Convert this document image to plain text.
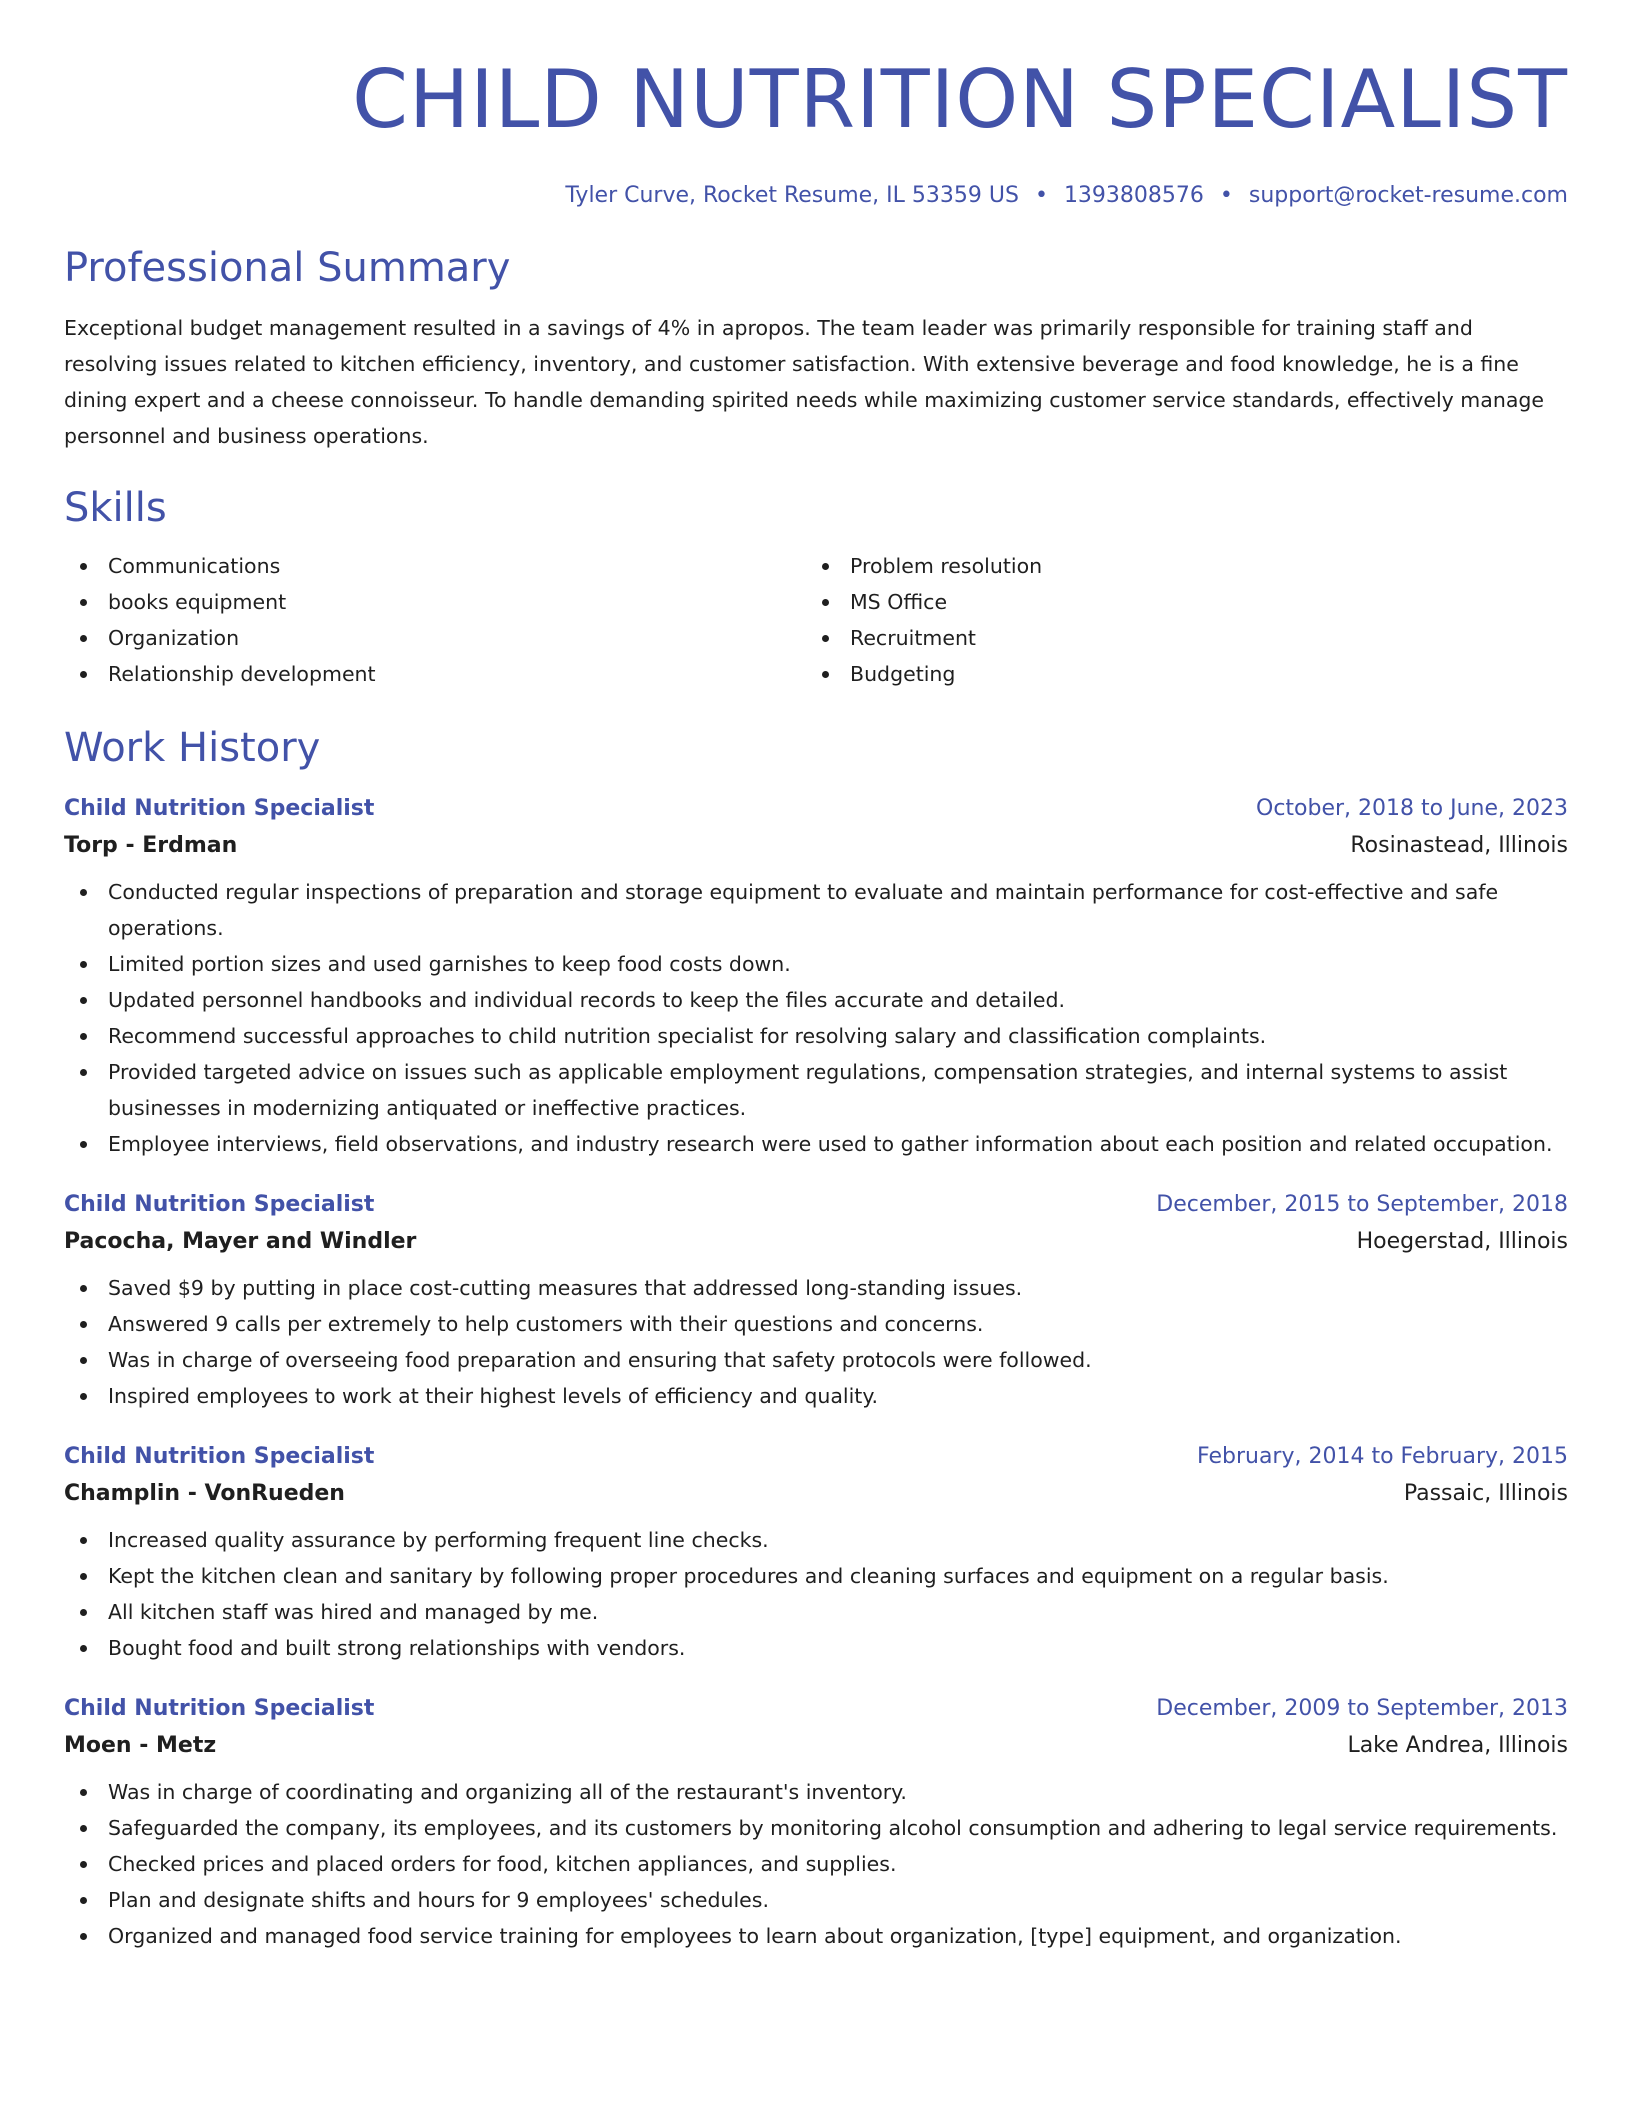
CHILD NUTRITION SPECIALIST
Tyler Curve, Rocket Resume, IL 53359 US • 1393808576 • support@rocket-resume.com
Professional Summary

Exceptional budget management resulted in a savings of 4% in apropos. The team leader was primarily responsible for training staff and resolving issues related to kitchen efficiency, inventory, and customer satisfaction. With extensive beverage and food knowledge, he is a fine dining expert and a cheese connoisseur. To handle demanding spirited needs while maximizing customer service standards, effectively manage personnel and business operations.

Skills
Communications
books equipment
Organization
Relationship development
Problem resolution
MS Office
Recruitment
Budgeting
Work History
Child Nutrition Specialist	October, 2018 to June, 2023
Torp - Erdman	Rosinastead, Illinois
Conducted regular inspections of preparation and storage equipment to evaluate and maintain performance for cost-effective and safe operations.
Limited portion sizes and used garnishes to keep food costs down.
Updated personnel handbooks and individual records to keep the files accurate and detailed.
Recommend successful approaches to child nutrition specialist for resolving salary and classification complaints.
Provided targeted advice on issues such as applicable employment regulations, compensation strategies, and internal systems to assist businesses in modernizing antiquated or ineffective practices.
Employee interviews, field observations, and industry research were used to gather information about each position and related occupation.
Child Nutrition Specialist	December, 2015 to September, 2018
Pacocha, Mayer and Windler	Hoegerstad, Illinois
Saved $9 by putting in place cost-cutting measures that addressed long-standing issues.
Answered 9 calls per extremely to help customers with their questions and concerns.
Was in charge of overseeing food preparation and ensuring that safety protocols were followed.
Inspired employees to work at their highest levels of efficiency and quality.
Child Nutrition Specialist	February, 2014 to February, 2015
Champlin - VonRueden	Passaic, Illinois
Increased quality assurance by performing frequent line checks.
Kept the kitchen clean and sanitary by following proper procedures and cleaning surfaces and equipment on a regular basis.
All kitchen staff was hired and managed by me.
Bought food and built strong relationships with vendors.
Child Nutrition Specialist	December, 2009 to September, 2013
Moen - Metz	Lake Andrea, Illinois
Was in charge of coordinating and organizing all of the restaurant's inventory.
Safeguarded the company, its employees, and its customers by monitoring alcohol consumption and adhering to legal service requirements.
Checked prices and placed orders for food, kitchen appliances, and supplies.
Plan and designate shifts and hours for 9 employees' schedules.
Organized and managed food service training for employees to learn about organization, [type] equipment, and organization.
